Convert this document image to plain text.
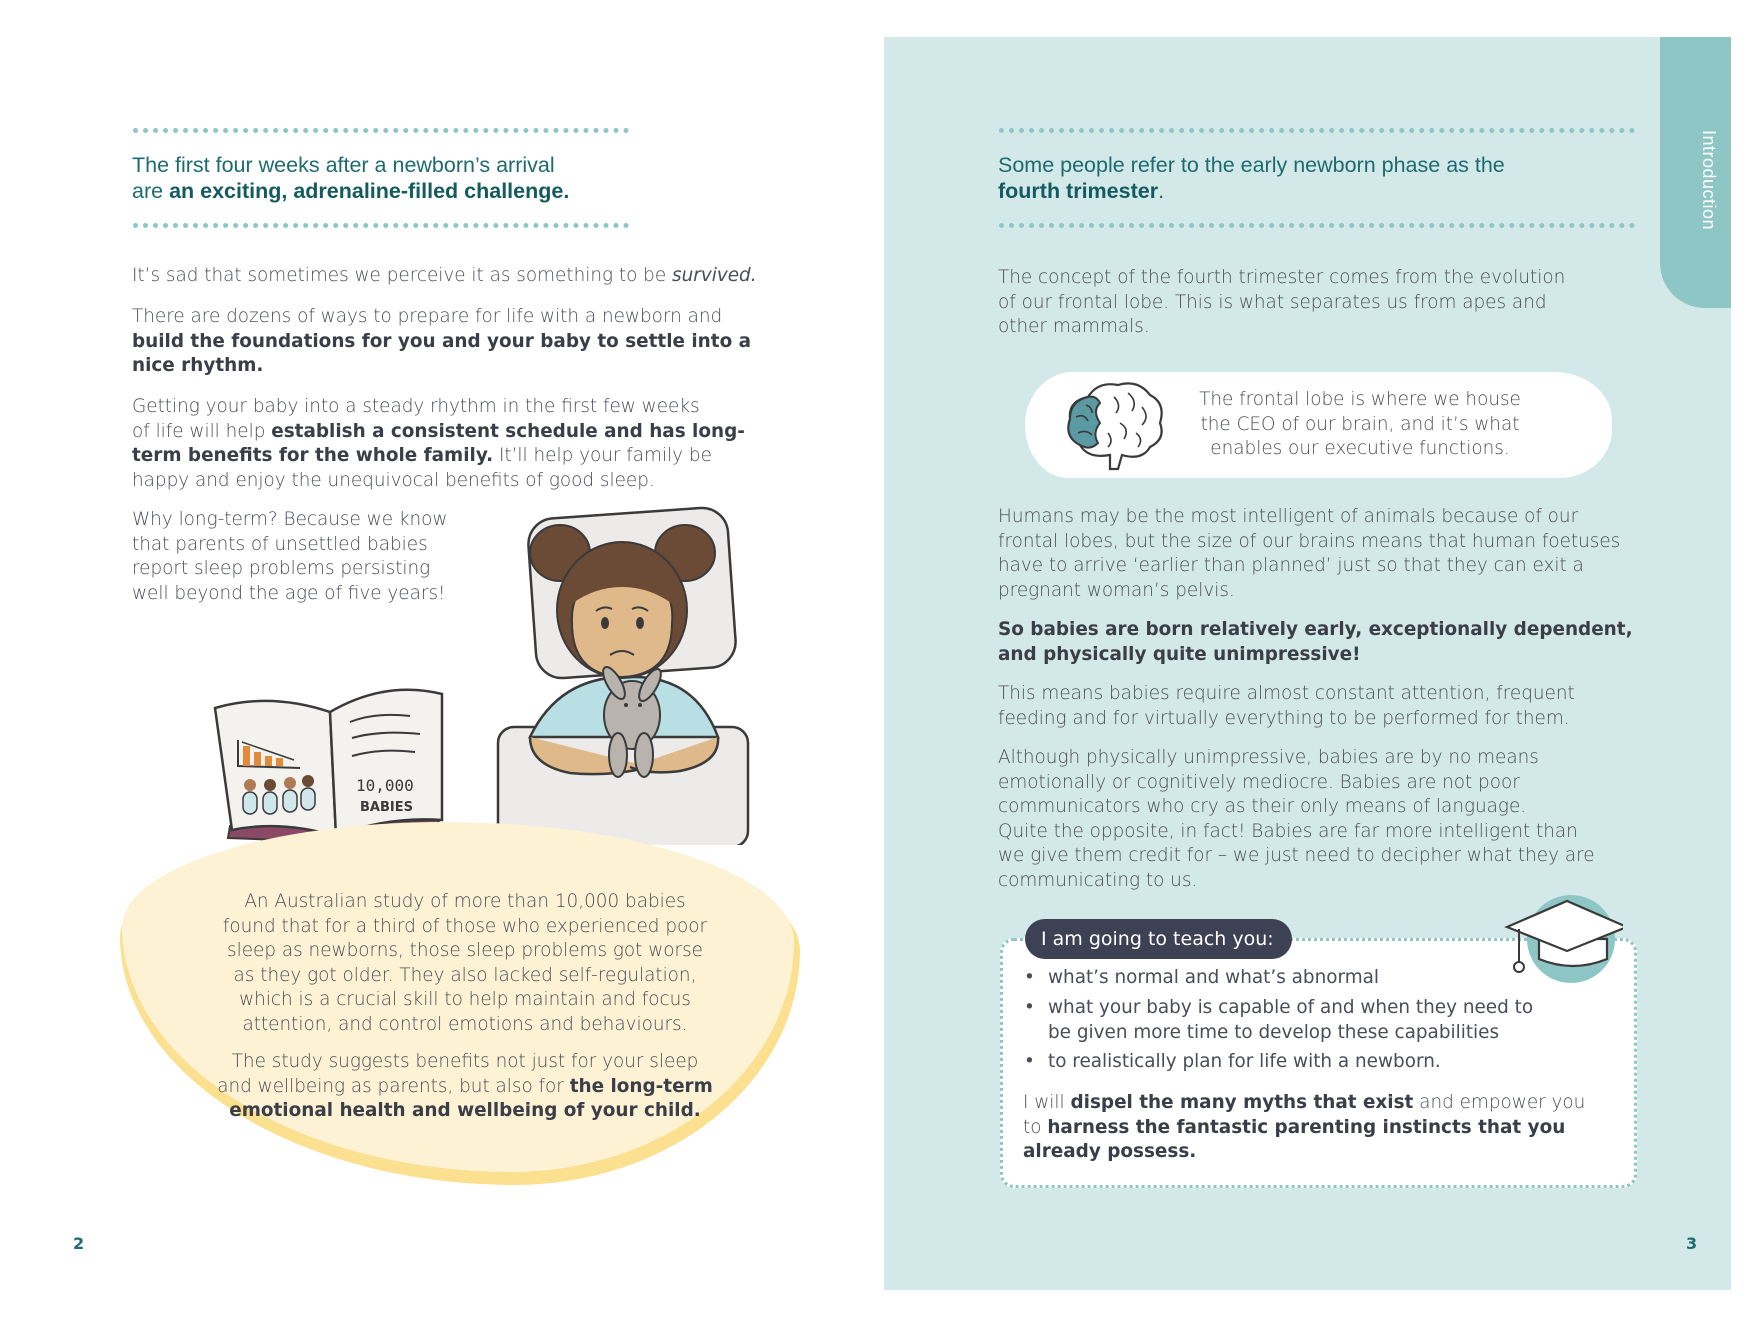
Introduction
The first four weeks after a newborn’s arrival
are an exciting, adrenaline-filled challenge.
It’s sad that sometimes we perceive it as something to be survived.
There are dozens of ways to prepare for life with a newborn and
build the foundations for you and your baby to settle into a
nice rhythm.
Getting your baby into a steady rhythm in the first few weeks
of life will help establish a consistent schedule and has long-
term benefits for the whole family. It’ll help your family be
happy and enjoy the unequivocal benefits of good sleep.
Why long-term? Because we know
that parents of unsettled babies
report sleep problems persisting
well beyond the age of five years!
10,000
BABIES
An Australian study of more than 10,000 babies
found that for a third of those who experienced poor
sleep as newborns, those sleep problems got worse
as they got older. They also lacked self-regulation,
which is a crucial skill to help maintain and focus
attention, and control emotions and behaviours.
The study suggests benefits not just for your sleep
and wellbeing as parents, but also for the long-term
emotional health and wellbeing of your child.
2
Some people refer to the early newborn phase as the
fourth trimester.
The concept of the fourth trimester comes from the evolution
of our frontal lobe. This is what separates us from apes and
other mammals.
The frontal lobe is where we house
the CEO of our brain, and it’s what
enables our executive functions.
Humans may be the most intelligent of animals because of our
frontal lobes, but the size of our brains means that human foetuses
have to arrive ‘earlier than planned’ just so that they can exit a
pregnant woman’s pelvis.
So babies are born relatively early, exceptionally dependent,
and physically quite unimpressive!
This means babies require almost constant attention, frequent
feeding and for virtually everything to be performed for them.
Although physically unimpressive, babies are by no means
emotionally or cognitively mediocre. Babies are not poor
communicators who cry as their only means of language.
Quite the opposite, in fact! Babies are far more intelligent than
we give them credit for – we just need to decipher what they are
communicating to us.
I am going to teach you:
• what’s normal and what’s abnormal
• what your baby is capable of and when they need to
be given more time to develop these capabilities
• to realistically plan for life with a newborn.
I will dispel the many myths that exist and empower you
to harness the fantastic parenting instincts that you
already possess.
3
